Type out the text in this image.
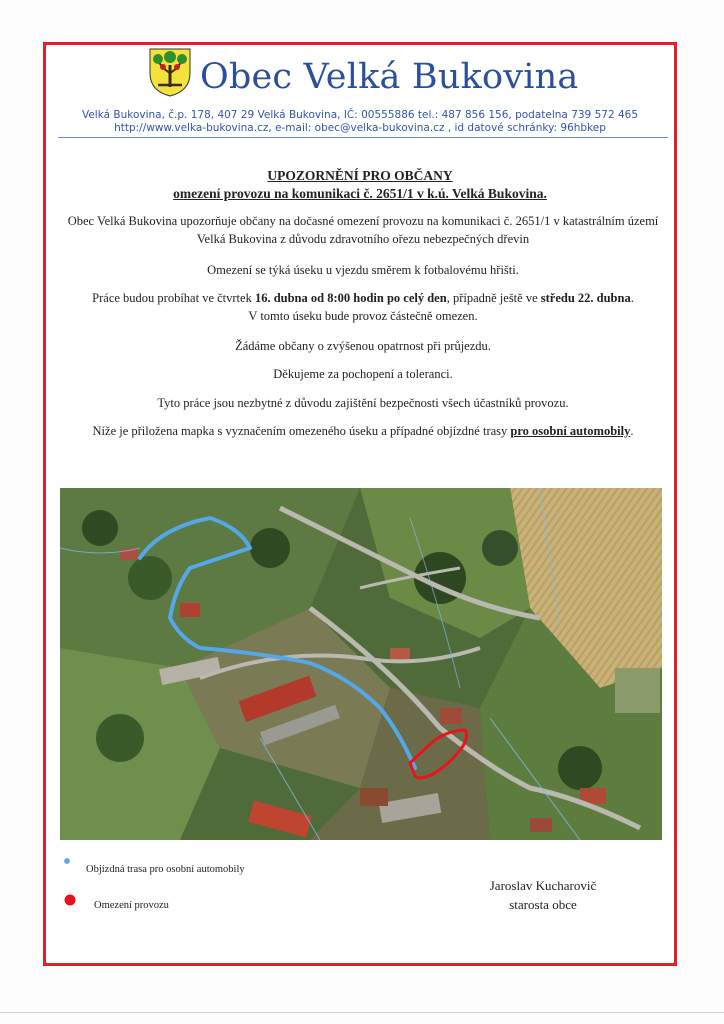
Obec Velká Bukovina
Velká Bukovina, č.p. 178, 407 29 Velká Bukovina, IČ: 00555886 tel.: 487 856 156, podatelna 739 572 465
http://www.velka-bukovina.cz, e-mail: obec@velka-bukovina.cz , id datové schránky: 96hbkep
UPOZORNĚNÍ PRO OBČANY
omezení provozu na komunikaci č. 2651/1 v k.ú. Velká Bukovina.
Obec Velká Bukovina upozorňuje občany na dočasné omezení provozu na komunikaci č. 2651/1 v katastrálním území
Velká Bukovina z důvodu zdravotního ořezu nebezpečných dřevin
Omezení se týká úseku u vjezdu směrem k fotbalovému hřišti.
Práce budou probíhat ve čtvrtek 16. dubna od 8:00 hodin po celý den, případně ještě ve středu 22. dubna.
V tomto úseku bude provoz částečně omezen.
Žádáme občany o zvýšenou opatrnost při průjezdu.
Děkujeme za pochopení a toleranci.
Tyto práce jsou nezbytné z důvodu zajištění bezpečnosti všech účastníků provozu.
Níže je přiložena mapka s vyznačením omezeného úseku a případné objízdné trasy pro osobní automobily.
Objízdná trasa pro osobní automobily
Omezení provozu
Jaroslav Kucharovič
starosta obce
